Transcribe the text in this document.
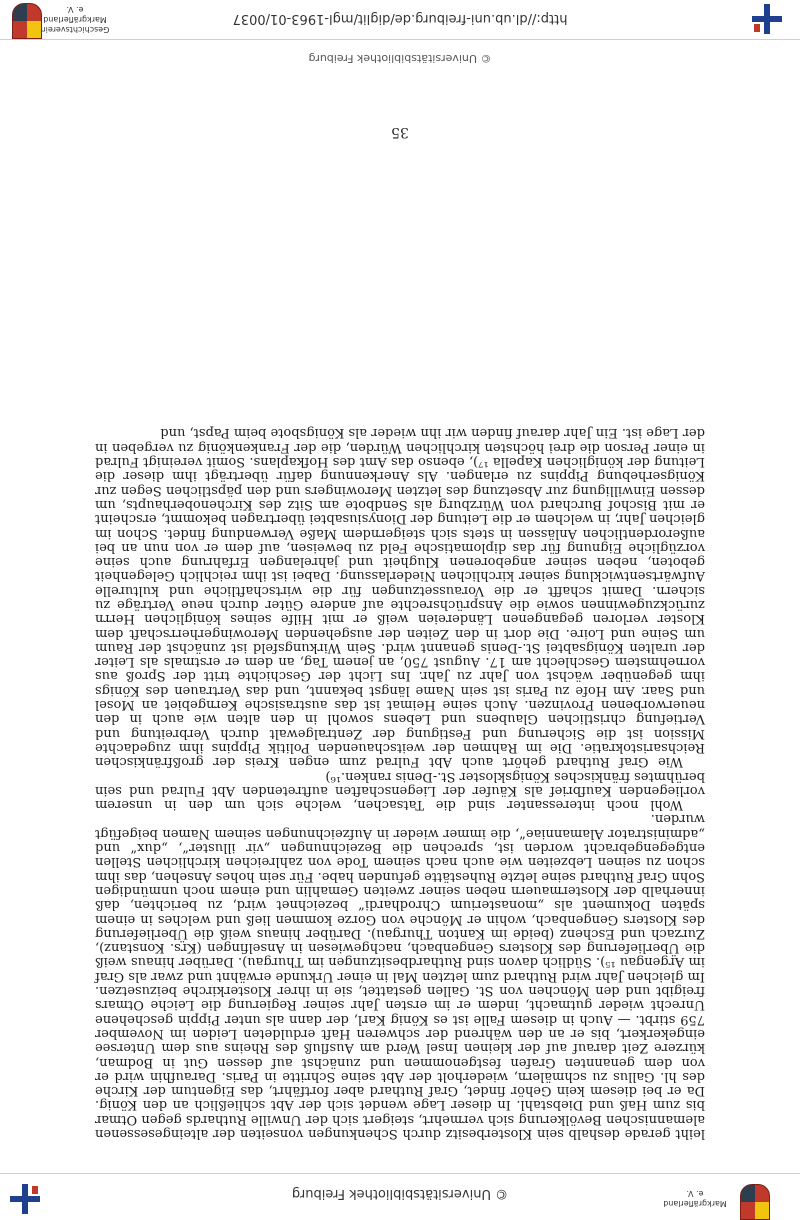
http://dl.ub.uni-freiburg.de/diglit/mgl-1963-01/0037
Geschichtsverein
Markgräflerland e. V.
© Universitätsbibliothek Freiburg
35

leiht gerade deshalb sein Klosterbesitz durch Schenkungen vonseiten der alteingesessenen alemannischen Bevölkerung sich vermehrt, steigert sich der Unwille Ruthards gegen Otmar bis zum Haß und Diebstahl. In dieser Lage wendet sich der Abt schließlich an den König. Da er bei diesem kein Gehör findet, Graf Ruthard aber fortfährt, das Eigentum der Kirche des hl. Gallus zu schmälern, wiederholt der Abt seine Schritte in Paris. Daraufhin wird er von dem genannten Grafen festgenommen und zunächst auf dessen Gut in Bodman, kürzere Zeit darauf auf der kleinen Insel Werd am Ausfluß des Rheins aus dem Untersee eingekerkert, bis er an den während der schweren Haft erduldeten Leiden im November 759 stirbt. — Auch in diesem Falle ist es König Karl, der dann als unter Pippin geschehene Unrecht wieder gutmacht, indem er im ersten Jahr seiner Regierung die Leiche Otmars freigibt und den Mönchen von St. Gallen gestattet, sie in ihrer Klosterkirche beizusetzen. Im gleichen Jahr wird Ruthard zum letzten Mal in einer Urkunde erwähnt und zwar als Graf im Argengau ¹⁵). Südlich davon sind Ruthardbesitzungen im Thurgau). Darüber hinaus weiß die Überlieferung des Klosters Gengenbach, nachgewiesen in Anselfingen (Krs. Konstanz), Zurzach und Eschenz (beide im Kanton Thurgau). Darüber hinaus weiß die Überlieferung des Klosters Gengenbach, wohin er Mönche von Gorze kommen ließ und welches in einem späten Dokument als „monasterium Chrodhardi“ bezeichnet wird, zu berichten, daß innerhalb der Klostermauern neben seiner zweiten Gemahlin und einem noch unmündigen Sohn Graf Ruthard seine letzte Ruhestätte gefunden habe. Für sein hohes Ansehen, das ihm schon zu seinen Lebzeiten wie auch nach seinem Tode von zahlreichen kirchlichen Stellen entgegengebracht worden ist, sprechen die Bezeichnungen „vir illuster“, „dux“ und „administrator Alamanniae“, die immer wieder in Aufzeichnungen seinem Namen beigefügt wurden.

Wohl noch interessanter sind die Tatsachen, welche sich um den in unserem vorliegenden Kaufbrief als Käufer der Liegenschaften auftretenden Abt Fulrad und sein berühmtes fränkisches Königskloster St.-Denis ranken.¹⁶)

Wie Graf Ruthard gehört auch Abt Fulrad zum engen Kreis der großfränkischen Reichsaristokratie. Die im Rahmen der weitschauenden Politik Pippins ihm zugedachte Mission ist die Sicherung und Festigung der Zentralgewalt durch Verbreitung und Vertiefung christlichen Glaubens und Lebens sowohl in den alten wie auch in den neuerworbenen Provinzen. Auch seine Heimat ist das austrasische Kerngebiet an Mosel und Saar. Am Hofe zu Paris ist sein Name längst bekannt, und das Vertrauen des Königs ihm gegenüber wächst von Jahr zu Jahr. Ins Licht der Geschichte tritt der Sproß aus vornehmstem Geschlecht am 17. August 750, an jenem Tag, an dem er erstmals als Leiter der uralten Königsabtei St.-Denis genannt wird. Sein Wirkungsfeld ist zunächst der Raum um Seine und Loire. Die dort in den Zeiten der ausgehenden Merowingerherrschaft dem Kloster verloren gegangenen Ländereien weiß er mit Hilfe seines königlichen Herrn zurückzugewinnen sowie die Ansprüchsrechte auf andere Güter durch neue Verträge zu sichern. Damit schafft er die Voraussetzungen für die wirtschaftliche und kulturelle Aufwärtsentwicklung seiner kirchlichen Niederlassung. Dabei ist ihm reichlich Gelegenheit geboten, neben seiner angeborenen Klugheit und jahrelangen Erfahrung auch seine vorzügliche Eignung für das diplomatische Feld zu beweisen, auf dem er von nun an bei außerordentlichen Anlässen in stets sich steigerndem Maße Verwendung findet. Schon im gleichen Jahr, in welchem er die Leitung der Dionysiusabtei übertragen bekommt, erscheint er mit Bischof Burchard von Würzburg als Sendbote am Sitz des Kirchenoberhaupts, um dessen Einwilligung zur Absetzung des letzten Merowingers und den päpstlichen Segen zur Königserhebung Pippins zu erlangen. Als Anerkennung dafür überträgt ihm dieser die Leitung der königlichen Kapella ¹⁷), ebenso das Amt des Hofkaplans. Somit vereinigt Fulrad in einer Person die drei höchsten kirchlichen Würden, die der Frankenkönig zu vergeben in der Lage ist. Ein Jahr darauf finden wir ihn wieder als Königsbote beim Papst, und

© Universitätsbibliothek Freiburg
Markgräflerland e. V.
